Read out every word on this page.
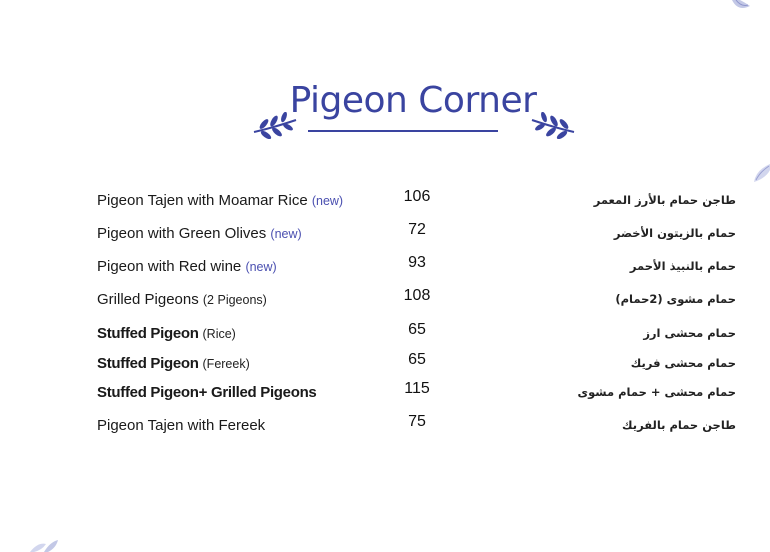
Pigeon Corner
Pigeon Tajen with Moamar Rice (new)	106	طاجن حمام بالأرز المعمر
Pigeon with Green Olives (new)	72	حمام بالزيتون الأخضر
Pigeon with Red wine (new)	93	حمام بالنبيذ الأحمر
Grilled Pigeons (2 Pigeons)	108	حمام مشوى (2حمام)
Stuffed Pigeon (Rice)	65	حمام محشى ارز
Stuffed Pigeon (Fereek)	65	حمام محشى فريك
Stuffed Pigeon+ Grilled Pigeons	115	حمام محشى + حمام مشوى
Pigeon Tajen with Fereek	75	طاجن حمام بالفريك
